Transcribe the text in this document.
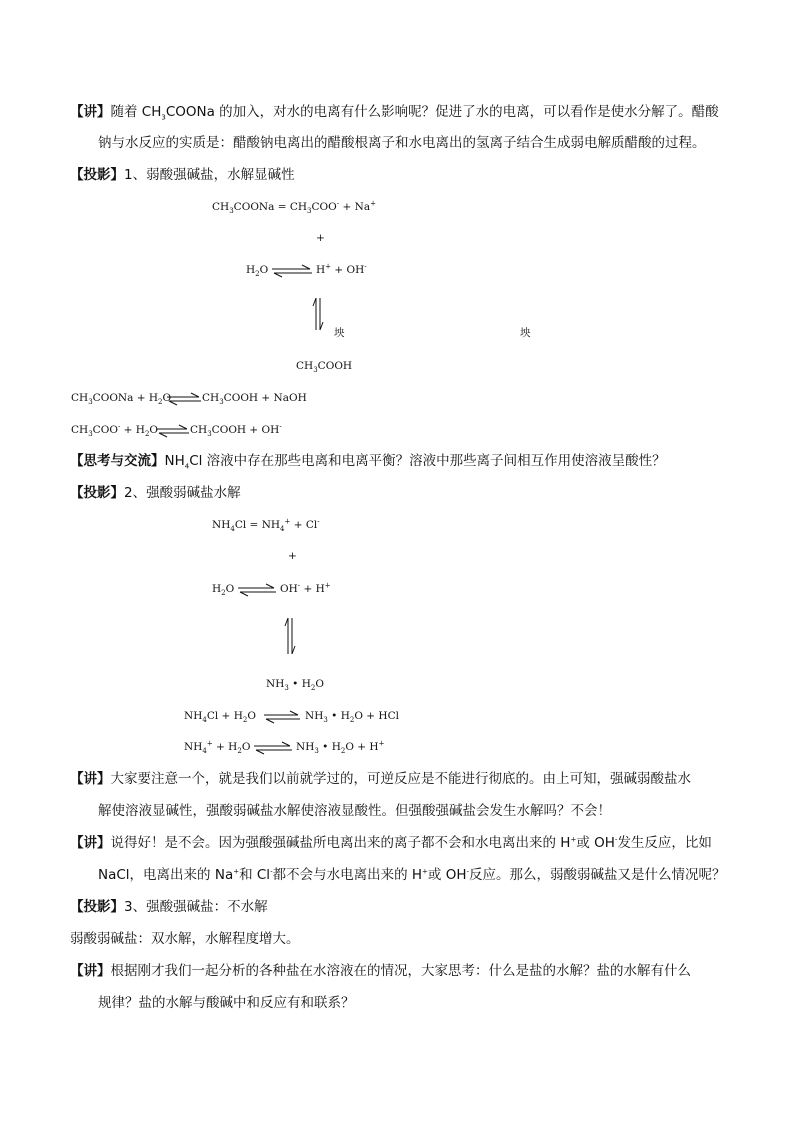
【讲】随着 $CH_3COONa$ 的加入，对水的电离有什么影响呢？促进了水的电离，可以看作是使水分解了。醋酸
钠与水反应的实质是：醋酸钠电离出的醋酸根离子和水电离出的氢离子结合生成弱电解质醋酸的过程。
【投影】1、弱酸强碱盐，水解显碱性
$CH_3COONa = CH_3COO^- + Na^+$
+
$H_2O$ ⇌ H+ + OH-
坱	坱
$CH_3COOH$
$CH_3COONa + H_2O$ ⇌ $CH_3COOH$ + NaOH
$CH_3COO^- + H_2O$ ⇌ $CH_3COOH + OH^-$
【思考与交流】$NH_4Cl$ 溶液中存在那些电离和电离平衡？溶液中那些离子间相互作用使溶液呈酸性？
【投影】2、强酸弱碱盐水解
$NH_4Cl = NH_4^+ + Cl^-$
+
$H_2O$ ⇌ OH- + H+
$NH_3$ • $H_2O$
$NH_4Cl + H_2O$ ⇌ $NH_3$ • $H_2O$ + HCl
$NH_4^+ + H_2O$ ⇌ $NH_3$ • $H_2O + H^+$
【讲】大家要注意一个，就是我们以前就学过的，可逆反应是不能进行彻底的。由上可知，强碱弱酸盐水
解使溶液显碱性，强酸弱碱盐水解使溶液显酸性。但强酸强碱盐会发生水解吗？不会！
【讲】说得好！是不会。因为强酸强碱盐所电离出来的离子都不会和水电离出来的 H+或 OH-发生反应，比如
NaCl，电离出来的 Na+和 Cl-都不会与水电离出来的 H+或 OH-反应。那么，弱酸弱碱盐又是什么情况呢？
【投影】3、强酸强碱盐：不水解
弱酸弱碱盐：双水解，水解程度增大。
【讲】根据刚才我们一起分析的各种盐在水溶液在的情况，大家思考：什么是盐的水解？盐的水解有什么
规律？盐的水解与酸碱中和反应有和联系？
